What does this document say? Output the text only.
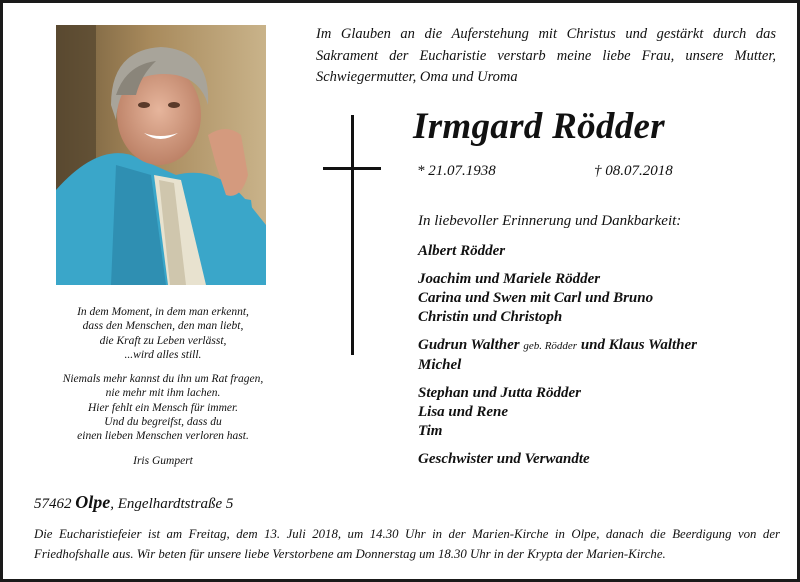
Im Glauben an die Auferstehung mit Christus und gestärkt durch das Sakrament der Eucharistie verstarb meine liebe Frau, unsere Mutter, Schwiegermutter, Oma und Uroma
Irmgard Rödder
* 21.07.1938	† 08.07.2018
In liebevoller Erinnerung und Dankbarkeit:
Albert Rödder
Joachim und Mariele Rödder
Carina und Swen mit Carl und Bruno
Christin und Christoph
Gudrun Walther geb. Rödder und Klaus Walther
Michel
Stephan und Jutta Rödder
Lisa und Rene
Tim
Geschwister und Verwandte
In dem Moment, in dem man erkennt,
dass den Menschen, den man liebt,
die Kraft zu Leben verlässt,
...wird alles still.
Niemals mehr kannst du ihn um Rat fragen,
nie mehr mit ihm lachen.
Hier fehlt ein Mensch für immer.
Und du begreifst, dass du
einen lieben Menschen verloren hast.
Iris Gumpert
57462 Olpe, Engelhardtstraße 5
Die Eucharistiefeier ist am Freitag, dem 13. Juli 2018, um 14.30 Uhr in der Marien-Kirche in Olpe, danach die Beerdigung von der Friedhofshalle aus. Wir beten für unsere liebe Verstorbene am Donnerstag um 18.30 Uhr in der Krypta der Marien-Kirche.
